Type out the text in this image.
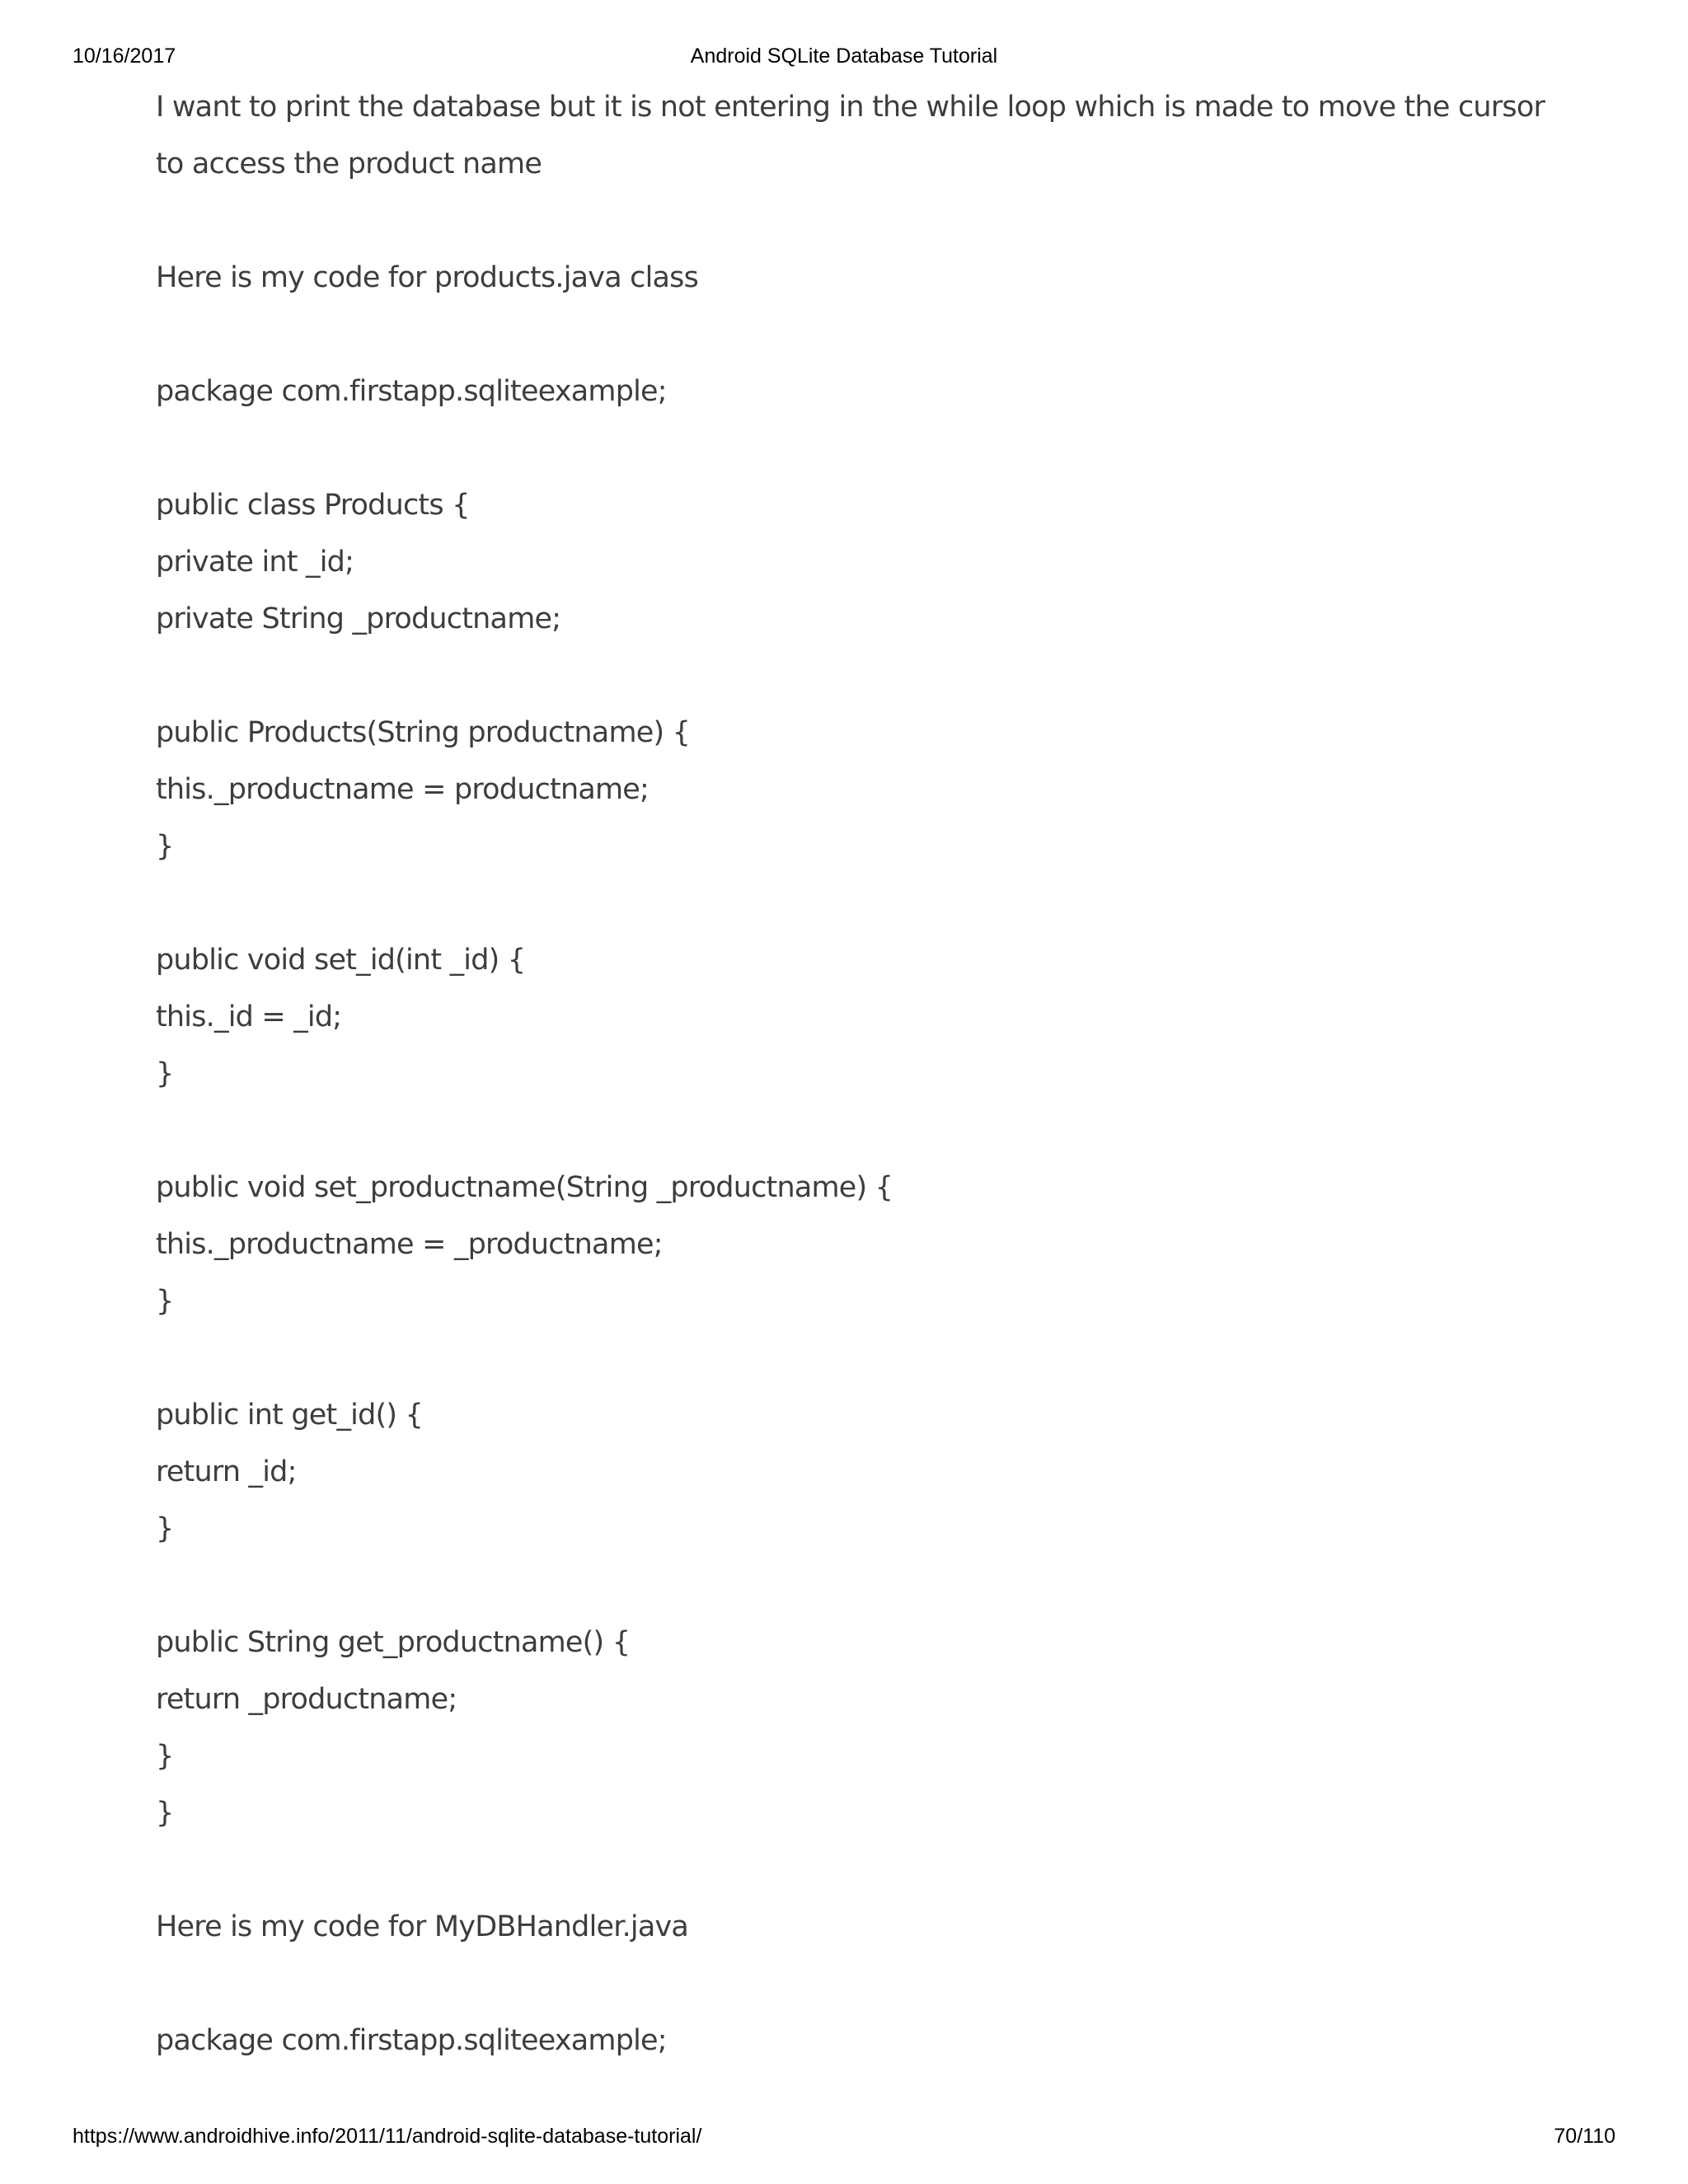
10/16/2017	Android SQLite Database Tutorial
I want to print the database but it is not entering in the while loop which is made to move the cursor
to access the product name
Here is my code for products.java class
package com.firstapp.sqliteexample;
public class Products {
private int _id;
private String _productname;
public Products(String productname) {
this._productname = productname;
}
public void set_id(int _id) {
this._id = _id;
}
public void set_productname(String _productname) {
this._productname = _productname;
}
public int get_id() {
return _id;
}
public String get_productname() {
return _productname;
}
}
Here is my code for MyDBHandler.java
package com.firstapp.sqliteexample;
https://www.androidhive.info/2011/11/android-sqlite-database-tutorial/	70/110
